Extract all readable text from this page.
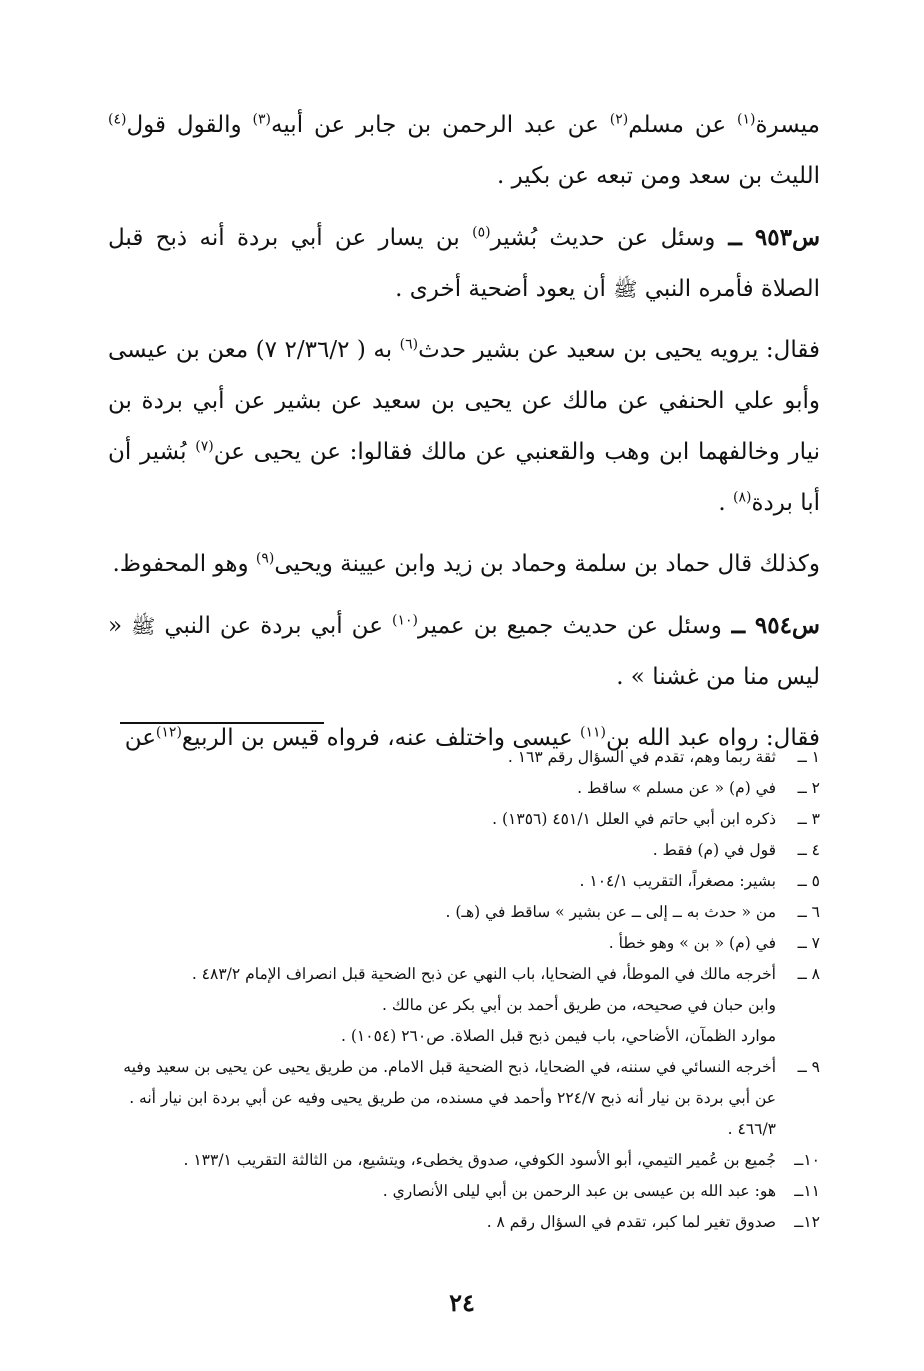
ميسرة$^{(١)}$ عن مسلم$^{(٢)}$ عن عبد الرحمن بن جابر عن أبيه$^{(٣)}$ والقول قول$^{(٤)}$ الليث بن سعد ومن تبعه عن بكير .

س٩٥٣ ــ وسئل عن حديث بُشير$^{(٥)}$ بن يسار عن أبي بردة أنه ذبح قبل الصلاة فأمره النبي ﷺ أن يعود أضحية أخرى .

فقال: يرويه يحيى بن سعيد عن بشير حدث$^{(٦)}$ به ( ٢/٣٦/٢ ٧) معن بن عيسى وأبو علي الحنفي عن مالك عن يحيى بن سعيد عن بشير عن أبي بردة بن نيار وخالفهما ابن وهب والقعنبي عن مالك فقالوا: عن يحيى عن$^{(٧)}$ بُشير أن أبا بردة$^{(٨)}$ .

وكذلك قال حماد بن سلمة وحماد بن زيد وابن عيينة ويحيى$^{(٩)}$ وهو المحفوظ.

س٩٥٤ ــ وسئل عن حديث جميع بن عمير$^{(١٠)}$ عن أبي بردة عن النبي ﷺ « ليس منا من غشنا » .

فقال: رواه عبد الله بن$^{(١١)}$ عيسى واختلف عنه، فرواه قيس بن الربيع$^{(١٢)}$عن

١ ــ
ثقة ربما وهم، تقدم في السؤال رقم ١٦٣ .
٢ ــ
في (م) « عن مسلم » ساقط .
٣ ــ
ذكره ابن أبي حاتم في العلل ٤٥١/١ (١٣٥٦) .
٤ ــ
قول في (م) فقط .
٥ ــ
بشير: مصغراً، التقريب ١٠٤/١ .
٦ ــ
من « حدث به ــ إلى ــ عن بشير » ساقط في (هـ) .
٧ ــ
في (م) « بن » وهو خطأ .
٨ ــ
أخرجه مالك في الموطأ، في الضحايا، باب النهي عن ذبح الضحية قبل انصراف الإمام ٤٨٣/٢ .
وابن حبان في صحيحه، من طريق أحمد بن أبي بكر عن مالك .
موارد الظمآن، الأضاحي، باب فيمن ذبح قبل الصلاة. ص٢٦٠ (١٠٥٤) .
٩ ــ
أخرجه النسائي في سننه، في الضحايا، ذبح الضحية قبل الامام. من طريق يحيى عن يحيى بن سعيد وفيه عن أبي بردة بن نيار أنه ذبح ٢٢٤/٧ وأحمد في مسنده، من طريق يحيى وفيه عن أبي بردة ابن نيار أنه . ٤٦٦/٣ .
١٠ــ
جُميع بن عُمير التيمي، أبو الأسود الكوفي، صدوق يخطىء، ويتشيع، من الثالثة التقريب ١٣٣/١ .
١١ــ
هو: عبد الله بن عيسى بن عبد الرحمن بن أبي ليلى الأنصاري .
١٢ــ
صدوق تغير لما كبر، تقدم في السؤال رقم ٨ .
٢٤
